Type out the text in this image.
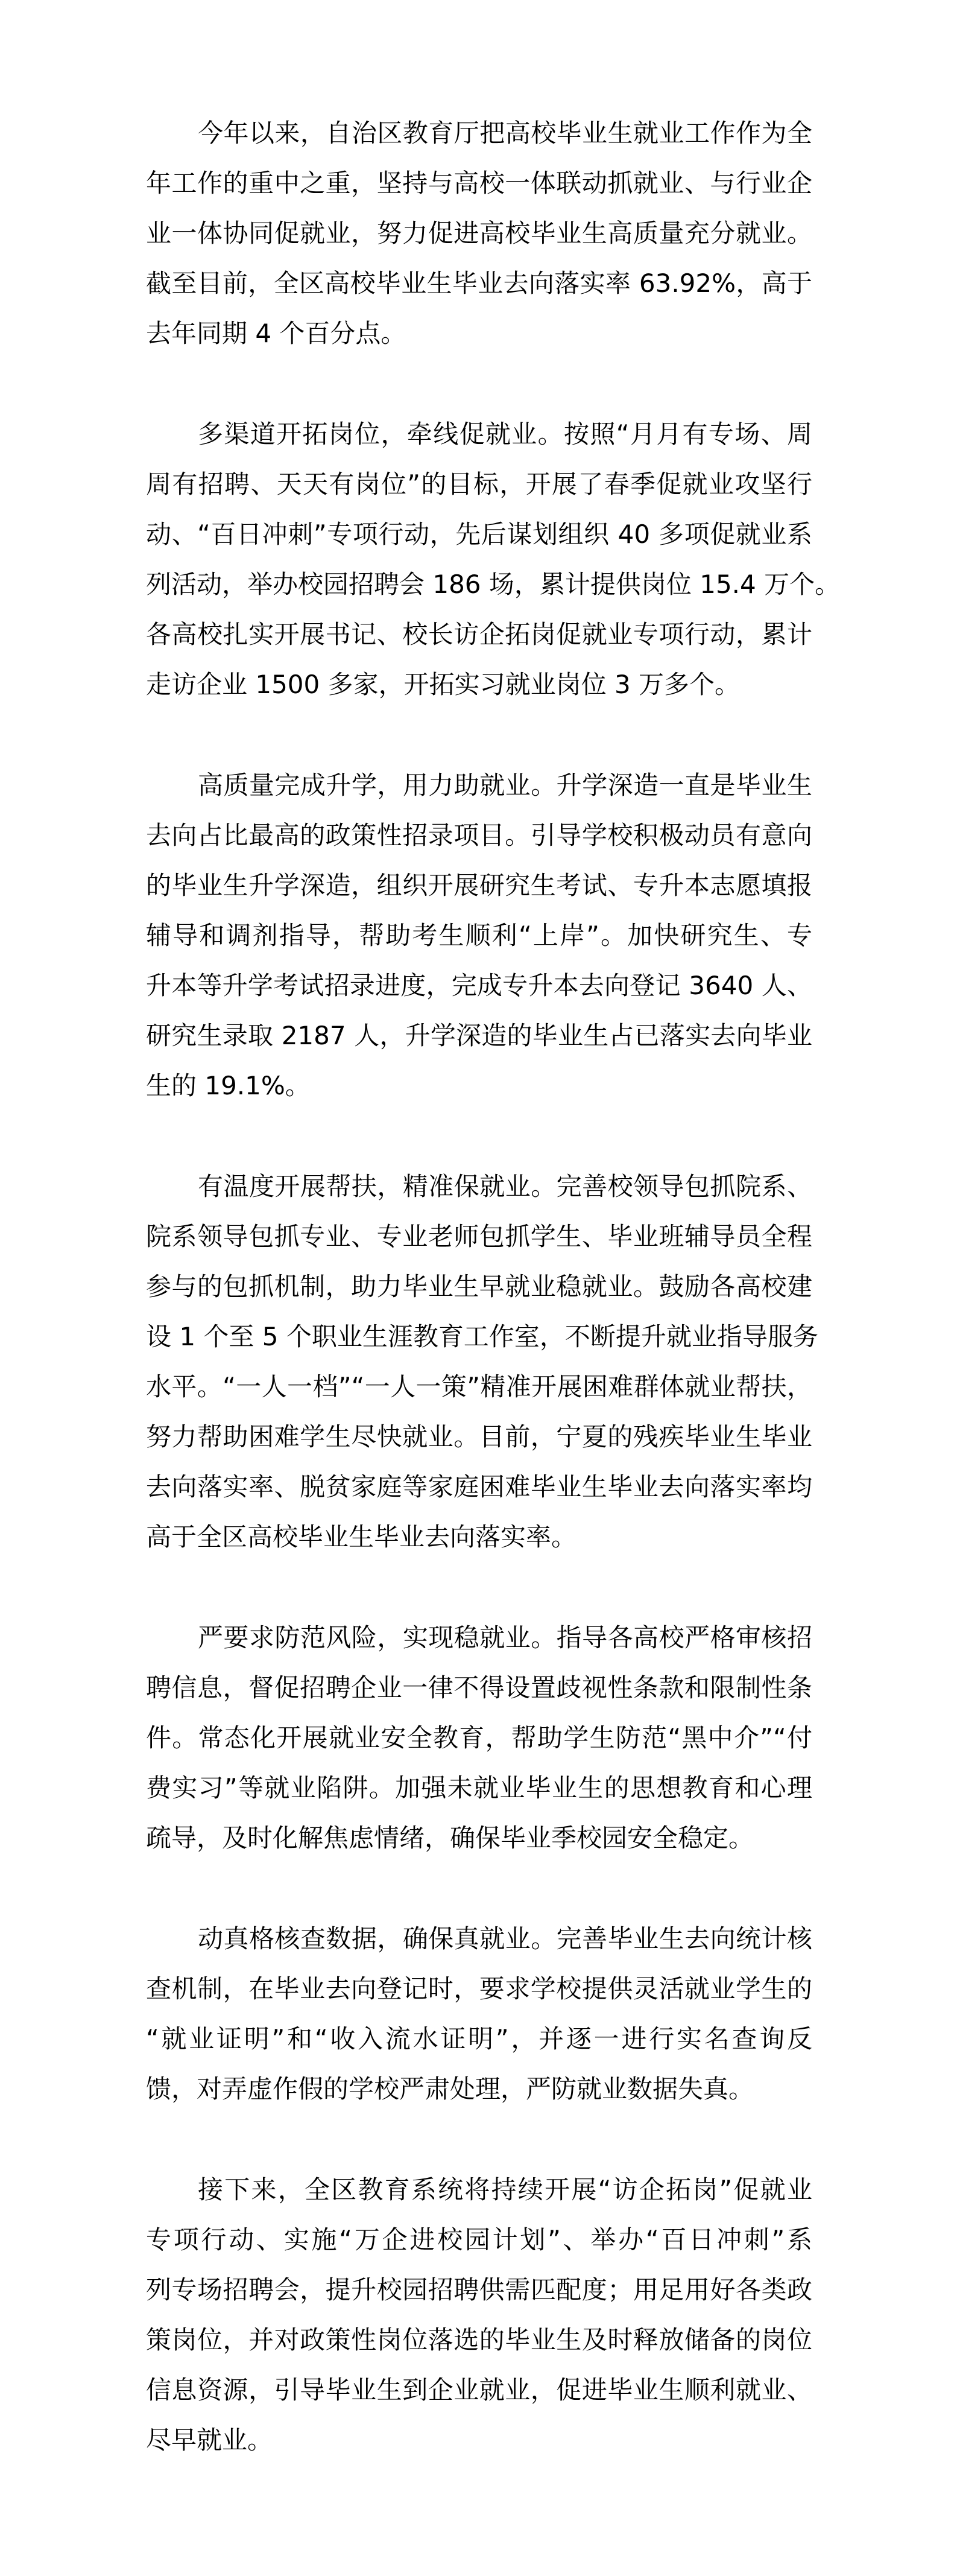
今年以来，自治区教育厅把高校毕业生就业工作作为全
年工作的重中之重，坚持与高校一体联动抓就业、与行业企
业一体协同促就业，努力促进高校毕业生高质量充分就业。
截至目前，全区高校毕业生毕业去向落实率 63.92%，高于
去年同期 4 个百分点。

多渠道开拓岗位，牵线促就业。按照“月月有专场、周
周有招聘、天天有岗位”的目标，开展了春季促就业攻坚行
动、“百日冲刺”专项行动，先后谋划组织 40 多项促就业系
列活动，举办校园招聘会 186 场，累计提供岗位 15.4 万个。
各高校扎实开展书记、校长访企拓岗促就业专项行动，累计
走访企业 1500 多家，开拓实习就业岗位 3 万多个。

高质量完成升学，用力助就业。升学深造一直是毕业生
去向占比最高的政策性招录项目。引导学校积极动员有意向
的毕业生升学深造，组织开展研究生考试、专升本志愿填报
辅导和调剂指导，帮助考生顺利“上岸”。加快研究生、专
升本等升学考试招录进度，完成专升本去向登记 3640 人、
研究生录取 2187 人，升学深造的毕业生占已落实去向毕业
生的 19.1%。

有温度开展帮扶，精准保就业。完善校领导包抓院系、
院系领导包抓专业、专业老师包抓学生、毕业班辅导员全程
参与的包抓机制，助力毕业生早就业稳就业。鼓励各高校建
设 1 个至 5 个职业生涯教育工作室，不断提升就业指导服务
水平。“一人一档”“一人一策”精准开展困难群体就业帮扶，
努力帮助困难学生尽快就业。目前，宁夏的残疾毕业生毕业
去向落实率、脱贫家庭等家庭困难毕业生毕业去向落实率均
高于全区高校毕业生毕业去向落实率。

严要求防范风险，实现稳就业。指导各高校严格审核招
聘信息，督促招聘企业一律不得设置歧视性条款和限制性条
件。常态化开展就业安全教育，帮助学生防范“黑中介”“付
费实习”等就业陷阱。加强未就业毕业生的思想教育和心理
疏导，及时化解焦虑情绪，确保毕业季校园安全稳定。

动真格核查数据，确保真就业。完善毕业生去向统计核
查机制，在毕业去向登记时，要求学校提供灵活就业学生的
“就业证明”和“收入流水证明”，并逐一进行实名查询反
馈，对弄虚作假的学校严肃处理，严防就业数据失真。

接下来，全区教育系统将持续开展“访企拓岗”促就业
专项行动、实施“万企进校园计划”、举办“百日冲刺”系
列专场招聘会，提升校园招聘供需匹配度；用足用好各类政
策岗位，并对政策性岗位落选的毕业生及时释放储备的岗位
信息资源，引导毕业生到企业就业，促进毕业生顺利就业、
尽早就业。
